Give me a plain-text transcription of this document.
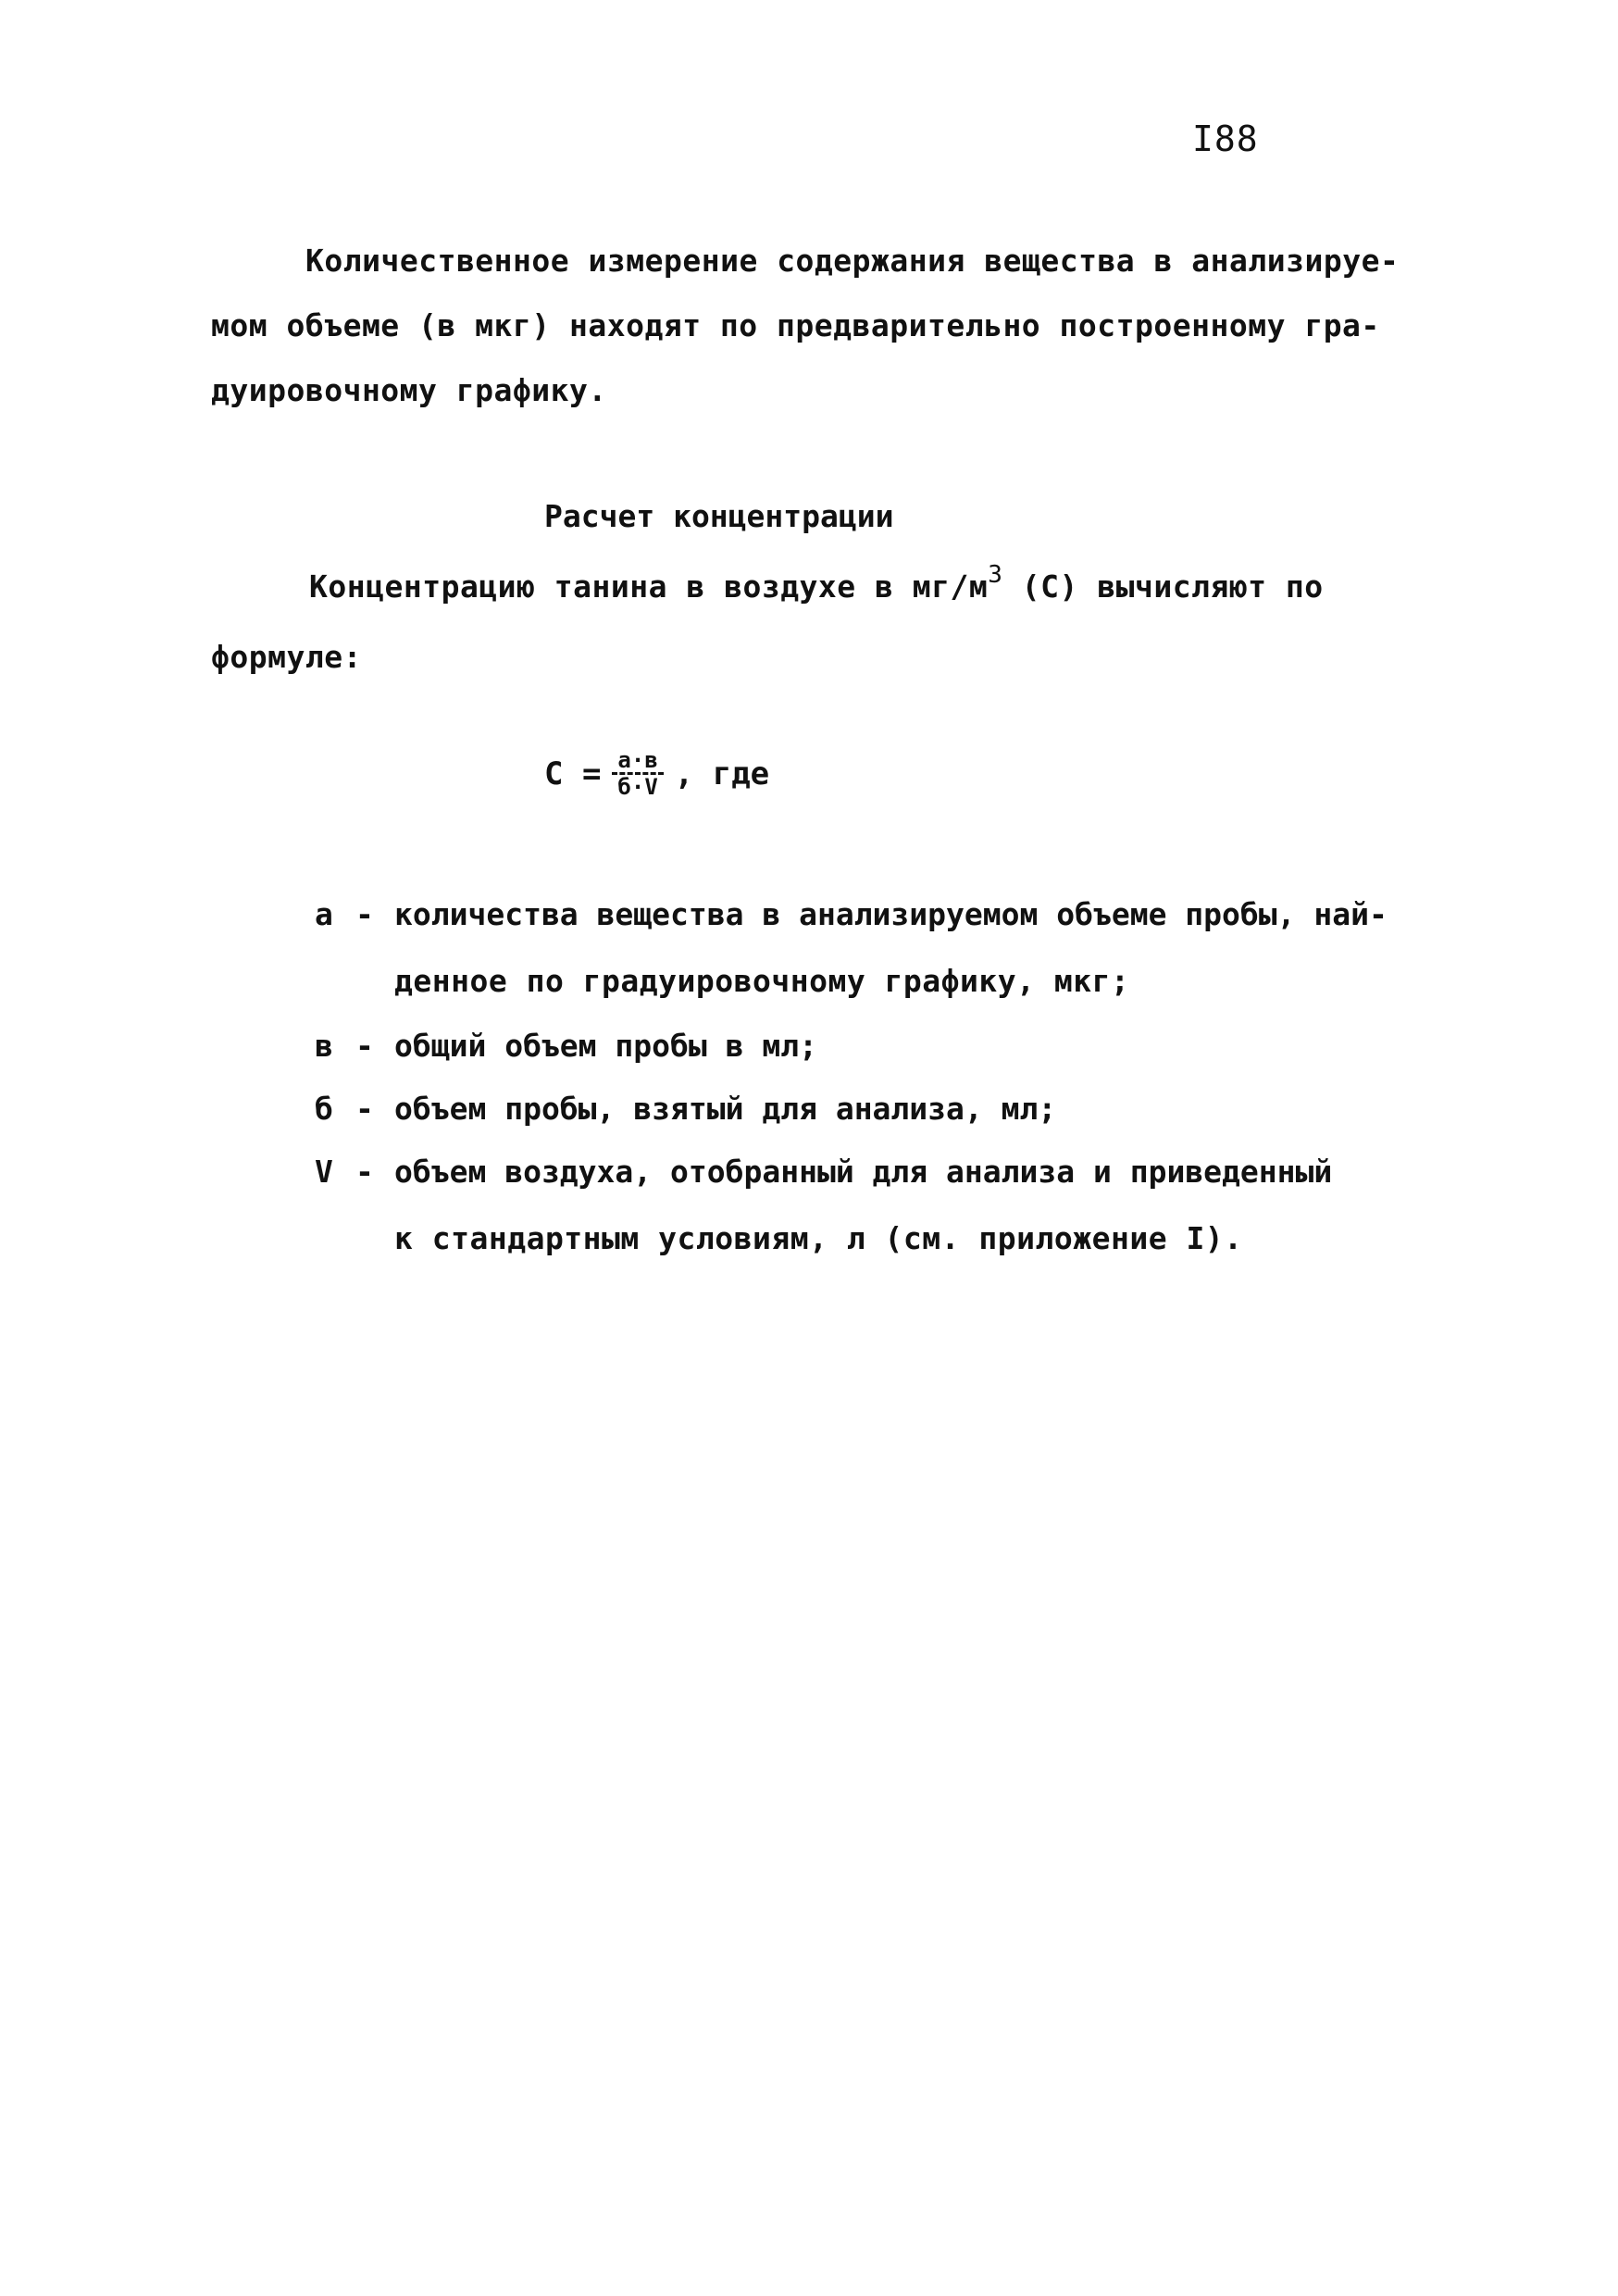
I88
Количественное измерение содержания вещества в анализируе-
мом объеме (в мкг) находят по предварительно построенному гра-
дуировочному графику.
Расчет концентрации
Концентрацию танина в воздухе в $мг/м^3$ (С) вычисляют по
формуле:
$С = \frac{а\cdot в}{б\cdot V}$ , где
а - количества вещества в анализируемом объеме пробы, най-
денное по градуировочному графику, мкг;
в - общий объем пробы в мл;
б - объем пробы, взятый для анализа, мл;
V - объем воздуха, отобранный для анализа и приведенный
к стандартным условиям, л (см. приложение I).
